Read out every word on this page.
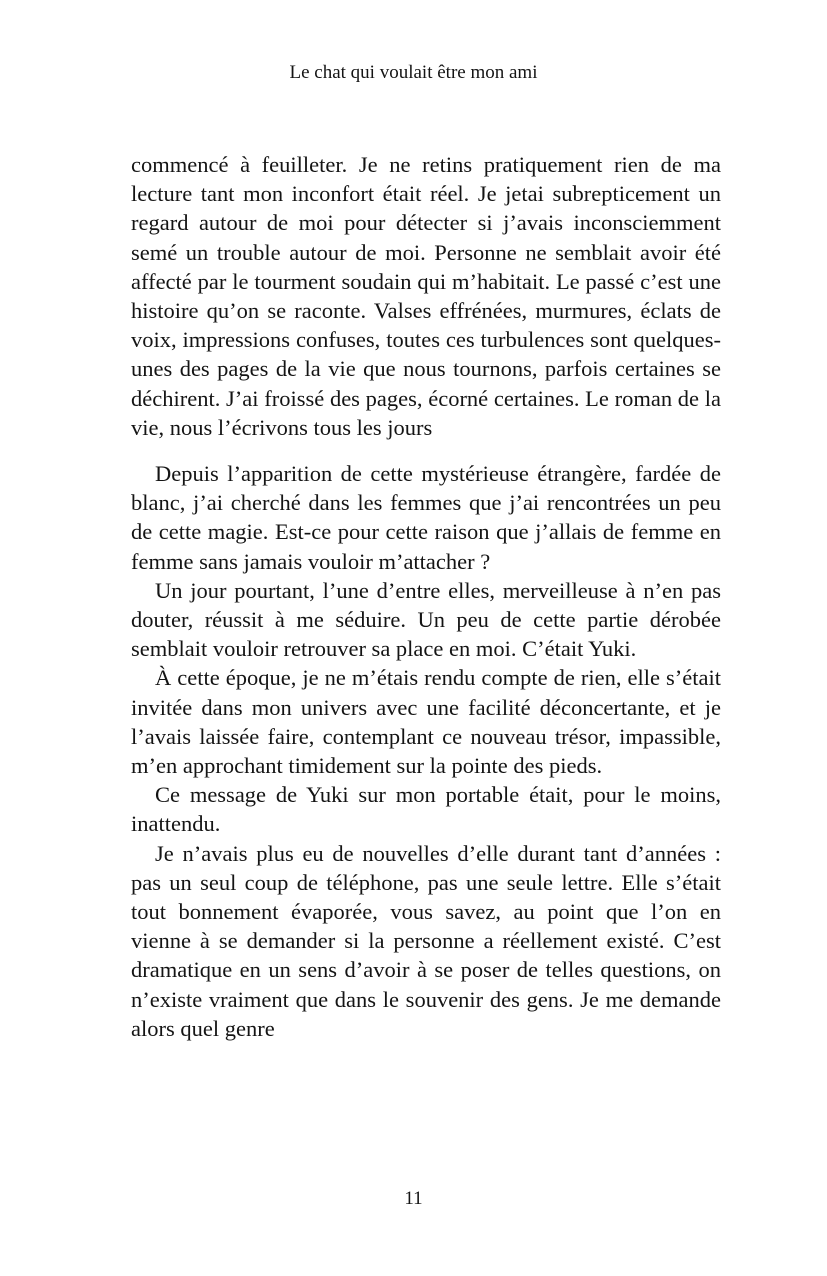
Le chat qui voulait être mon ami

commencé à feuilleter. Je ne retins pratiquement rien de ma lecture tant mon inconfort était réel. Je jetai subrepticement un regard autour de moi pour détecter si j’avais inconsciemment semé un trouble autour de moi. Personne ne semblait avoir été affecté par le tourment soudain qui m’habitait. Le passé c’est une histoire qu’on se raconte. Valses effrénées, murmures, éclats de voix, impressions confuses, toutes ces turbulences sont quelques-unes des pages de la vie que nous tournons, parfois certaines se déchirent. J’ai froissé des pages, écorné certaines. Le roman de la vie, nous l’écrivons tous les jours

Depuis l’apparition de cette mystérieuse étrangère, fardée de blanc, j’ai cherché dans les femmes que j’ai rencontrées un peu de cette magie. Est-ce pour cette raison que j’allais de femme en femme sans jamais vouloir m’attacher ?

Un jour pourtant, l’une d’entre elles, merveilleuse à n’en pas douter, réussit à me séduire. Un peu de cette partie dérobée semblait vouloir retrouver sa place en moi. C’était Yuki.

À cette époque, je ne m’étais rendu compte de rien, elle s’était invitée dans mon univers avec une facilité déconcertante, et je l’avais laissée faire, contemplant ce nouveau trésor, impassible, m’en approchant timidement sur la pointe des pieds.

Ce message de Yuki sur mon portable était, pour le moins, inattendu.

Je n’avais plus eu de nouvelles d’elle durant tant d’années : pas un seul coup de téléphone, pas une seule lettre. Elle s’était tout bonnement évaporée, vous savez, au point que l’on en vienne à se demander si la personne a réellement existé. C’est dramatique en un sens d’avoir à se poser de telles questions, on n’existe vraiment que dans le souvenir des gens. Je me demande alors quel genre

11
